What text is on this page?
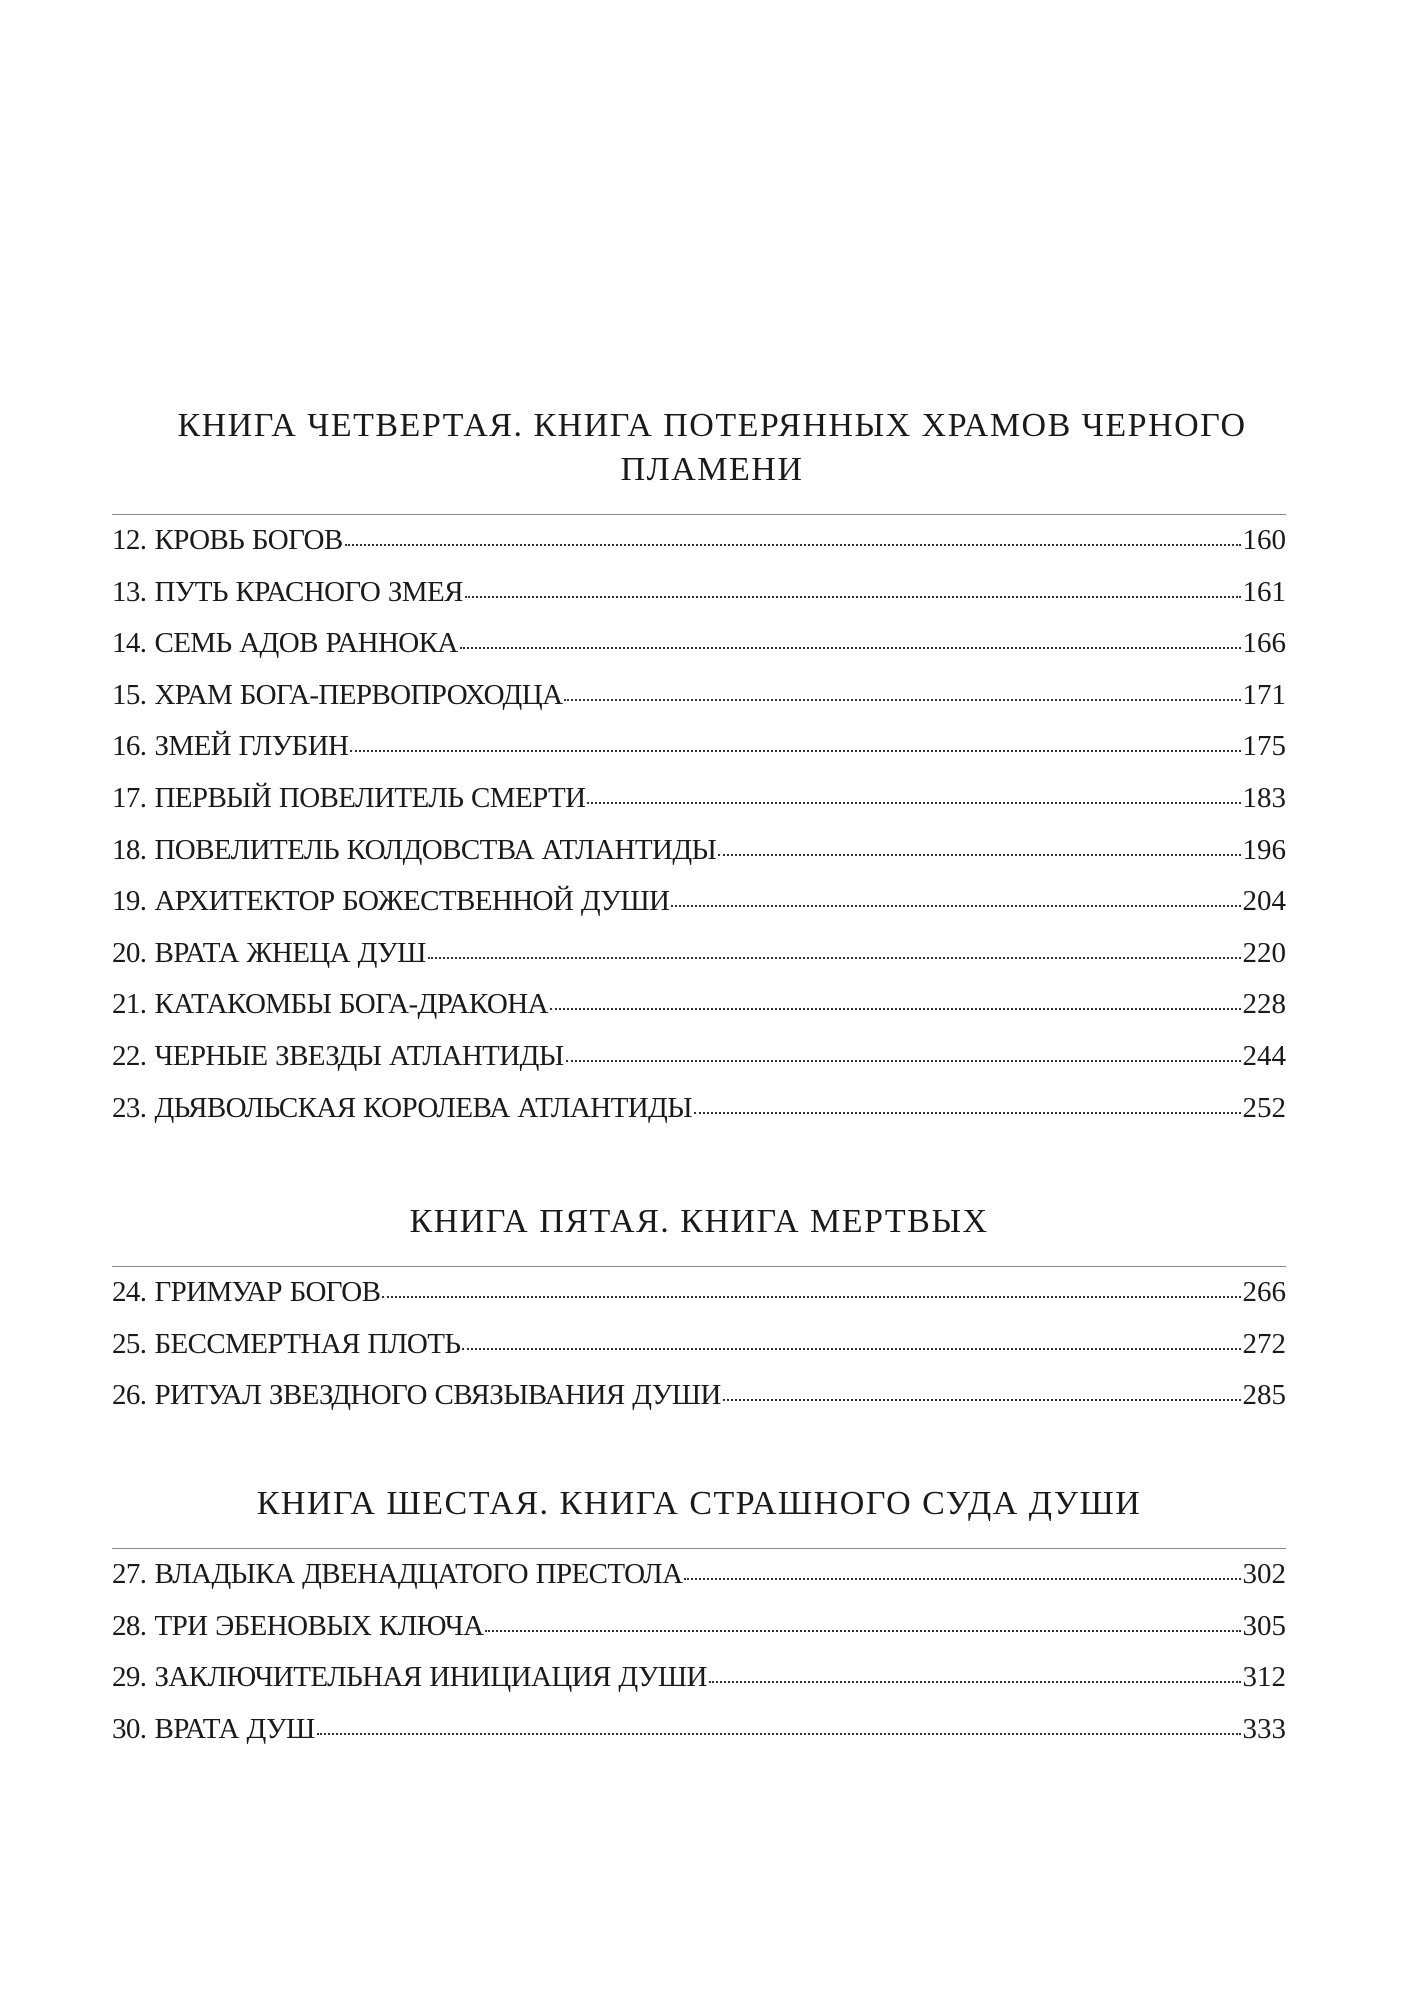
КНИГА ЧЕТВЕРТАЯ. КНИГА ПОТЕРЯННЫХ ХРАМОВ ЧЕРНОГО ПЛАМЕНИ
12. КРОВЬ БОГОВ	160
13. ПУТЬ КРАСНОГО ЗМЕЯ	161
14. СЕМЬ АДОВ РАННОКА	166
15. ХРАМ БОГА-ПЕРВОПРОХОДЦА	171
16. ЗМЕЙ ГЛУБИН	175
17. ПЕРВЫЙ ПОВЕЛИТЕЛЬ СМЕРТИ	183
18. ПОВЕЛИТЕЛЬ КОЛДОВСТВА АТЛАНТИДЫ	196
19. АРХИТЕКТОР БОЖЕСТВЕННОЙ ДУШИ	204
20. ВРАТА ЖНЕЦА ДУШ	220
21. КАТАКОМБЫ БОГА-ДРАКОНА	228
22. ЧЕРНЫЕ ЗВЕЗДЫ АТЛАНТИДЫ	244
23. ДЬЯВОЛЬСКАЯ КОРОЛЕВА АТЛАНТИДЫ	252
КНИГА ПЯТАЯ. КНИГА МЕРТВЫХ
24. ГРИМУАР БОГОВ	266
25. БЕССМЕРТНАЯ ПЛОТЬ	272
26. РИТУАЛ ЗВЕЗДНОГО СВЯЗЫВАНИЯ ДУШИ	285
КНИГА ШЕСТАЯ. КНИГА СТРАШНОГО СУДА ДУШИ
27. ВЛАДЫКА ДВЕНАДЦАТОГО ПРЕСТОЛА	302
28. ТРИ ЭБЕНОВЫХ КЛЮЧА	305
29. ЗАКЛЮЧИТЕЛЬНАЯ ИНИЦИАЦИЯ ДУШИ	312
30. ВРАТА ДУШ	333
